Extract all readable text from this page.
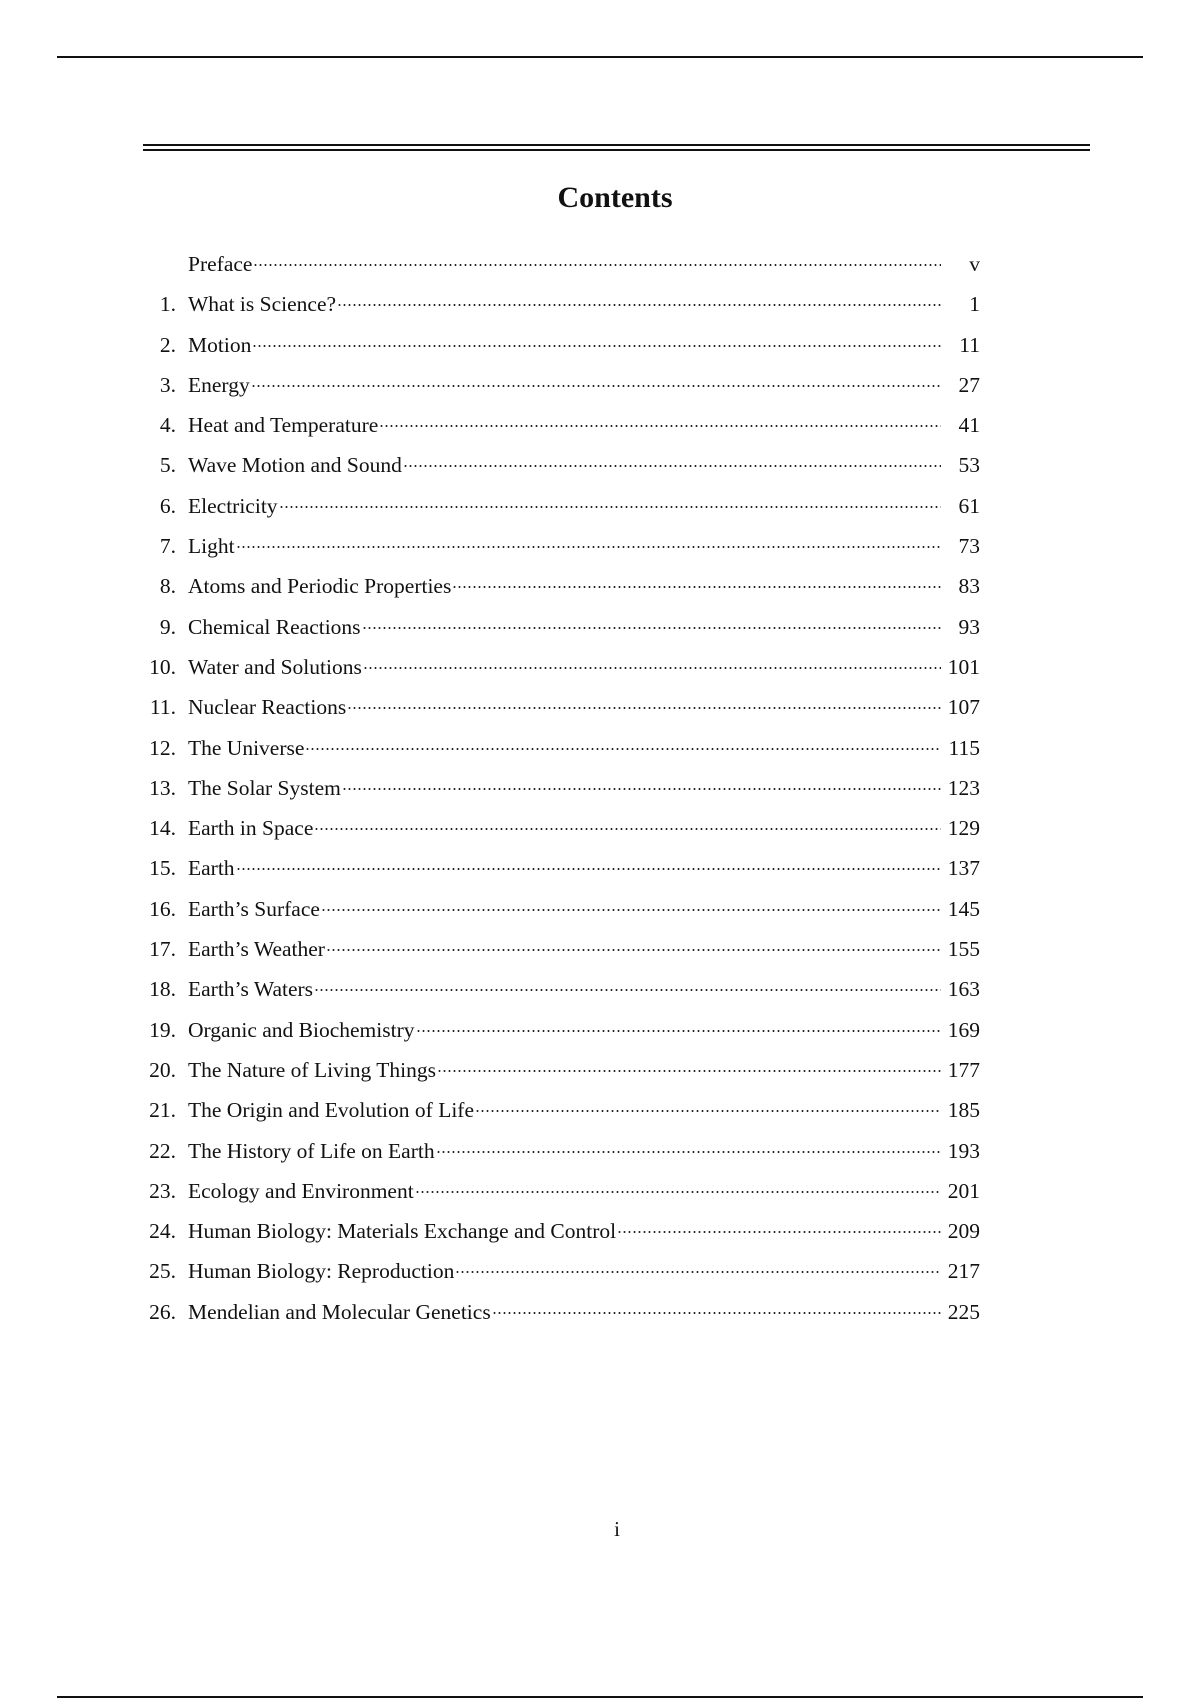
Contents
Preface	v
1. What is Science?	1
2. Motion	11
3. Energy	27
4. Heat and Temperature	41
5. Wave Motion and Sound	53
6. Electricity	61
7. Light	73
8. Atoms and Periodic Properties	83
9. Chemical Reactions	93
10. Water and Solutions	101
11. Nuclear Reactions	107
12. The Universe	115
13. The Solar System	123
14. Earth in Space	129
15. Earth	137
16. Earth’s Surface	145
17. Earth’s Weather	155
18. Earth’s Waters	163
19. Organic and Biochemistry	169
20. The Nature of Living Things	177
21. The Origin and Evolution of Life	185
22. The History of Life on Earth	193
23. Ecology and Environment	201
24. Human Biology: Materials Exchange and Control	209
25. Human Biology: Reproduction	217
26. Mendelian and Molecular Genetics	225
i
